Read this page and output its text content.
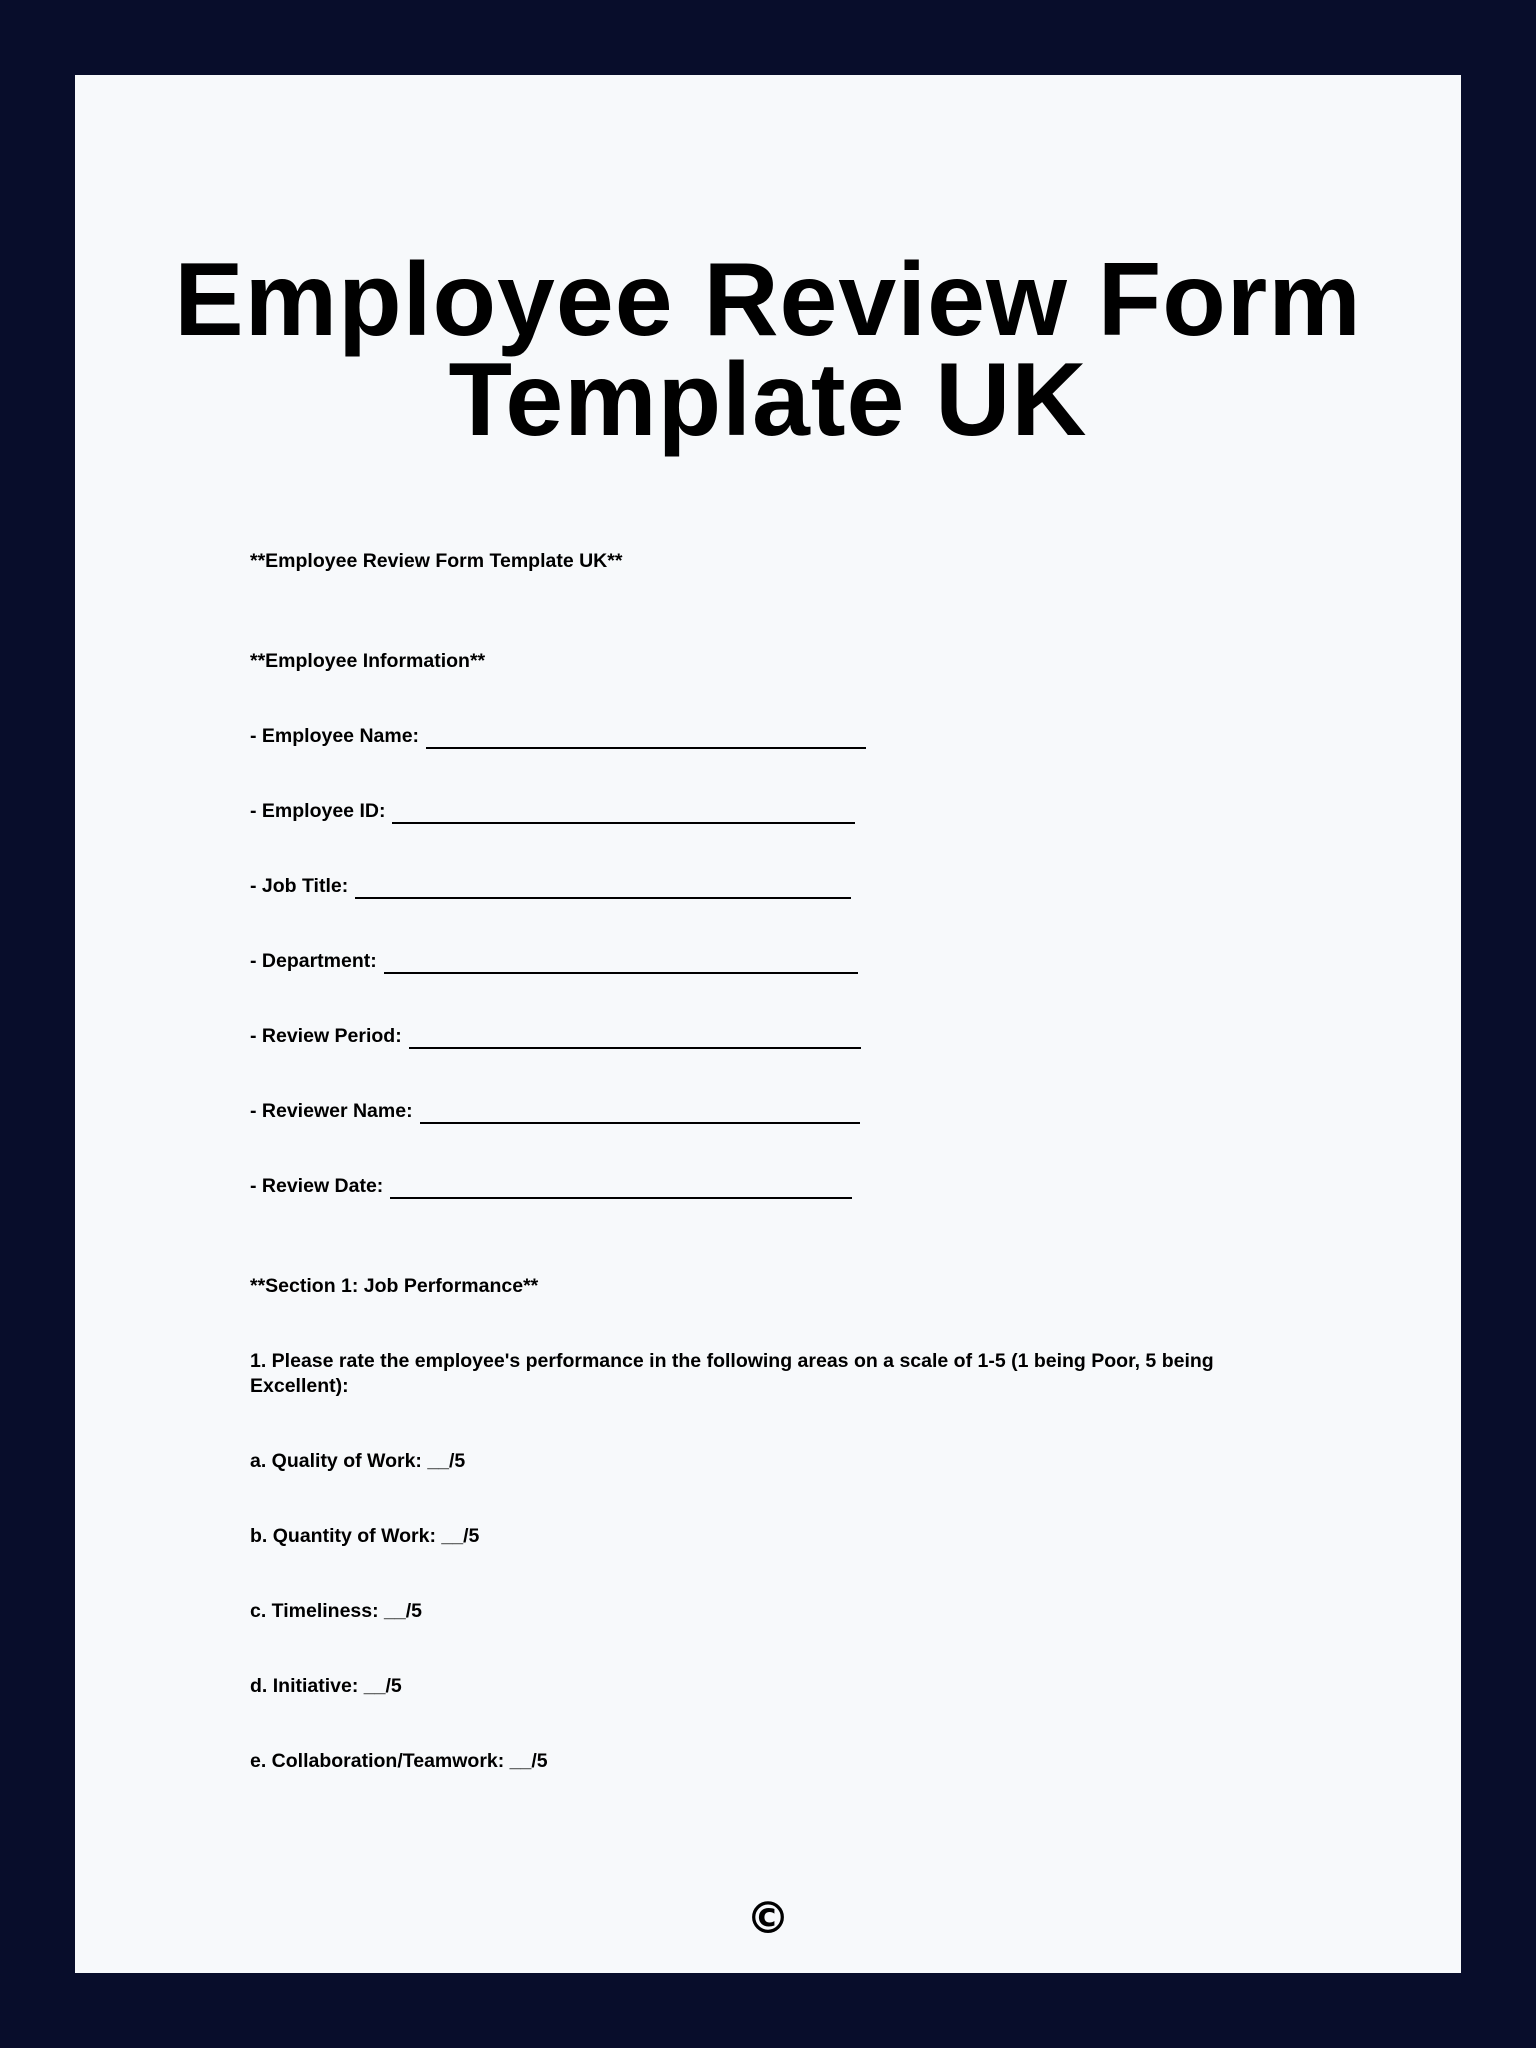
Employee Review Form
Template UK

**Employee Review Form Template UK**

**Employee Information**

- Employee Name:
- Employee ID:
- Job Title:
- Department:
- Review Period:
- Reviewer Name:
- Review Date:

**Section 1: Job Performance**

1. Please rate the employee's performance in the following areas on a scale of 1-5 (1 being Poor, 5 being Excellent):

a. Quality of Work: __/5

b. Quantity of Work: __/5

c. Timeliness: __/5

d. Initiative: __/5

e. Collaboration/Teamwork: __/5

©
